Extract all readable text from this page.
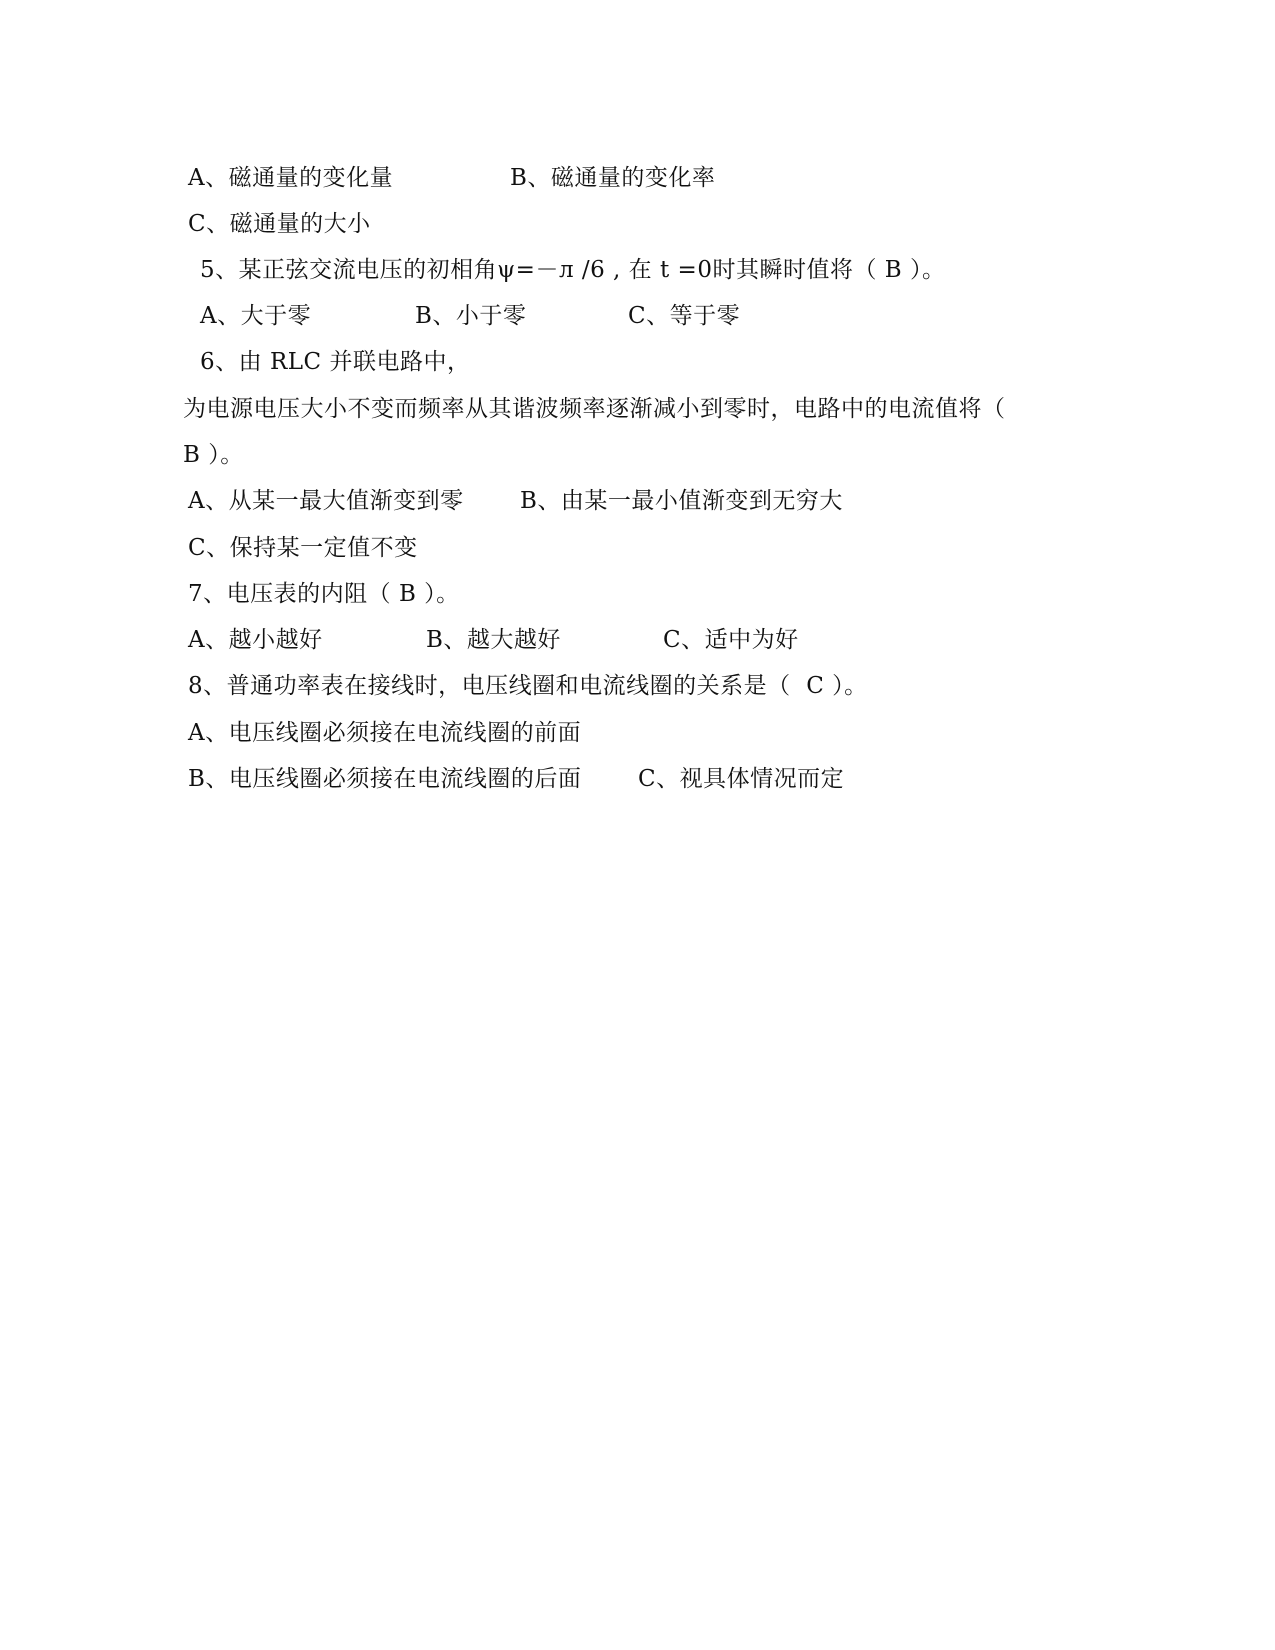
A、磁通量的变化量

	B、磁通量的变化率

C、磁通量的大小
5、某正弦交流电压的初相角ψ=－л /6 , 在 t =0时其瞬时值将（ B ）。

A、大于零

	B、小于零

	C、等于零

6、由 RLC 并联电路中，
为电源电压大小不变而频率从其谐波频率逐渐减小到零时，电路中的电流值将（
B ）。

A、从某一最大值渐变到零

B、由某一最小值渐变到无穷大

C、保持某一定值不变
7、电压表的内阻（ B ）。

A、越小越好

	B、越大越好

	C、适中为好

8、普通功率表在接线时，电压线圈和电流线圈的关系是（  C ）。
A、电压线圈必须接在电流线圈的前面

B、电压线圈必须接在电流线圈的后面

C、视具体情况而定
